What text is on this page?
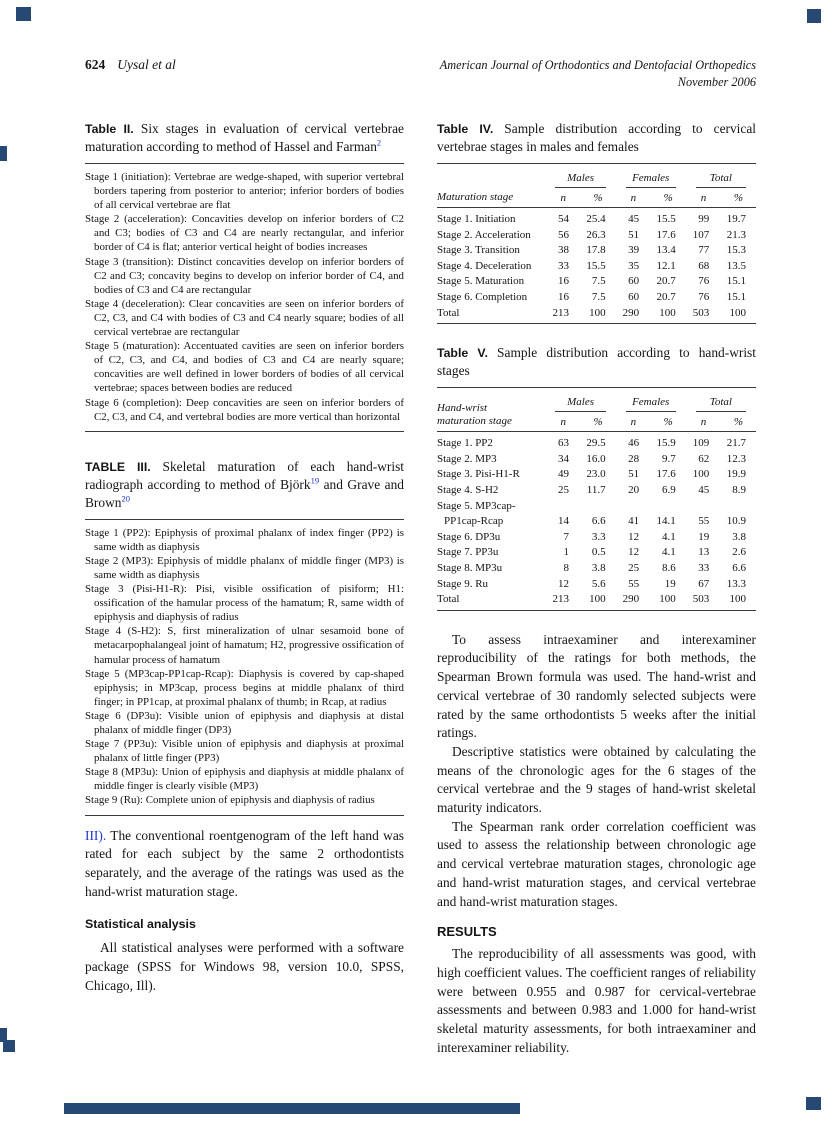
624 Uysal et al	American Journal of Orthodontics and Dentofacial Orthopedics
November 2006
Table II. Six stages in evaluation of cervical vertebrae maturation according to method of Hassel and Farman$^2$
Stage 1 (initiation): Vertebrae are wedge-shaped, with superior vertebral borders tapering from posterior to anterior; inferior borders of bodies of all cervical vertebrae are flat
Stage 2 (acceleration): Concavities develop on inferior borders of C2 and C3; bodies of C3 and C4 are nearly rectangular, and inferior border of C4 is flat; anterior vertical height of bodies increases
Stage 3 (transition): Distinct concavities develop on inferior borders of C2 and C3; concavity begins to develop on inferior border of C4, and bodies of C3 and C4 are rectangular
Stage 4 (deceleration): Clear concavities are seen on inferior borders of C2, C3, and C4 with bodies of C3 and C4 nearly square; bodies of all cervical vertebrae are rectangular
Stage 5 (maturation): Accentuated cavities are seen on inferior borders of C2, C3, and C4, and bodies of C3 and C4 are nearly square; concavities are well defined in lower borders of bodies of all cervical vertebrae; spaces between bodies are reduced
Stage 6 (completion): Deep concavities are seen on inferior borders of C2, C3, and C4, and vertebral bodies are more vertical than horizontal
TABLE III. Skeletal maturation of each hand-wrist radiograph according to method of Björk$^{19}$ and Grave and Brown$^{20}$
Stage 1 (PP2): Epiphysis of proximal phalanx of index finger (PP2) is same width as diaphysis
Stage 2 (MP3): Epiphysis of middle phalanx of middle finger (MP3) is same width as diaphysis
Stage 3 (Pisi-H1-R): Pisi, visible ossification of pisiform; H1: ossification of the hamular process of the hamatum; R, same width of epiphysis and diaphysis of radius
Stage 4 (S-H2): S, first mineralization of ulnar sesamoid bone of metacarpophalangeal joint of hamatum; H2, progressive ossification of hamular process of hamatum
Stage 5 (MP3cap-PP1cap-Rcap): Diaphysis is covered by cap-shaped epiphysis; in MP3cap, process begins at middle phalanx of third finger; in PP1cap, at proximal phalanx of thumb; in Rcap, at radius
Stage 6 (DP3u): Visible union of epiphysis and diaphysis at distal phalanx of middle finger (DP3)
Stage 7 (PP3u): Visible union of epiphysis and diaphysis at proximal phalanx of little finger (PP3)
Stage 8 (MP3u): Union of epiphysis and diaphysis at middle phalanx of middle finger is clearly visible (MP3)
Stage 9 (Ru): Complete union of epiphysis and diaphysis of radius

III). The conventional roentgenogram of the left hand was rated for each subject by the same 2 orthodontists separately, and the average of the ratings was used as the hand-wrist maturation stage.

Statistical analysis

All statistical analyses were performed with a software package (SPSS for Windows 98, version 10.0, SPSS, Chicago, Ill).

Table IV. Sample distribution according to cervical vertebrae stages in males and females
Maturation stage	Males		Females		Total	

	n	%	n	%	n	%
Stage 1. Initiation	54	25.4	45	15.5	99	19.7
Stage 2. Acceleration	56	26.3	51	17.6	107	21.3
Stage 3. Transition	38	17.8	39	13.4	77	15.3
Stage 4. Deceleration	33	15.5	35	12.1	68	13.5
Stage 5. Maturation	16	7.5	60	20.7	76	15.1
Stage 6. Completion	16	7.5	60	20.7	76	15.1
Total	213	100	290	100	503	100
Table V. Sample distribution according to hand-wrist stages
Hand-wrist
maturation stage	Males		Females		Total	

	n	%	n	%	n	%
Stage 1. PP2	63	29.5	46	15.9	109	21.7
Stage 2. MP3	34	16.0	28	9.7	62	12.3
Stage 3. Pisi-H1-R	49	23.0	51	17.6	100	19.9
Stage 4. S-H2	25	11.7	20	6.9	45	8.9
Stage 5. MP3cap-						
PP1cap-Rcap	14	6.6	41	14.1	55	10.9
Stage 6. DP3u	7	3.3	12	4.1	19	3.8
Stage 7. PP3u	1	0.5	12	4.1	13	2.6
Stage 8. MP3u	8	3.8	25	8.6	33	6.6
Stage 9. Ru	12	5.6	55	19	67	13.3
Total	213	100	290	100	503	100

To assess intraexaminer and interexaminer reproducibility of the ratings for both methods, the Spearman Brown formula was used. The hand-wrist and cervical vertebrae of 30 randomly selected subjects were rated by the same orthodontists 5 weeks after the initial ratings.

Descriptive statistics were obtained by calculating the means of the chronologic ages for the 6 stages of the cervical vertebrae and the 9 stages of hand-wrist skeletal maturity indicators.

The Spearman rank order correlation coefficient was used to assess the relationship between chronologic age and cervical vertebrae maturation stages, chronologic age and hand-wrist maturation stages, and cervical vertebrae and hand-wrist maturation stages.

RESULTS

The reproducibility of all assessments was good, with high coefficient values. The coefficient ranges of reliability were between 0.955 and 0.987 for cervical-vertebrae assessments and between 0.983 and 1.000 for hand-wrist skeletal maturity assessments, for both intraexaminer and interexaminer reliability.
